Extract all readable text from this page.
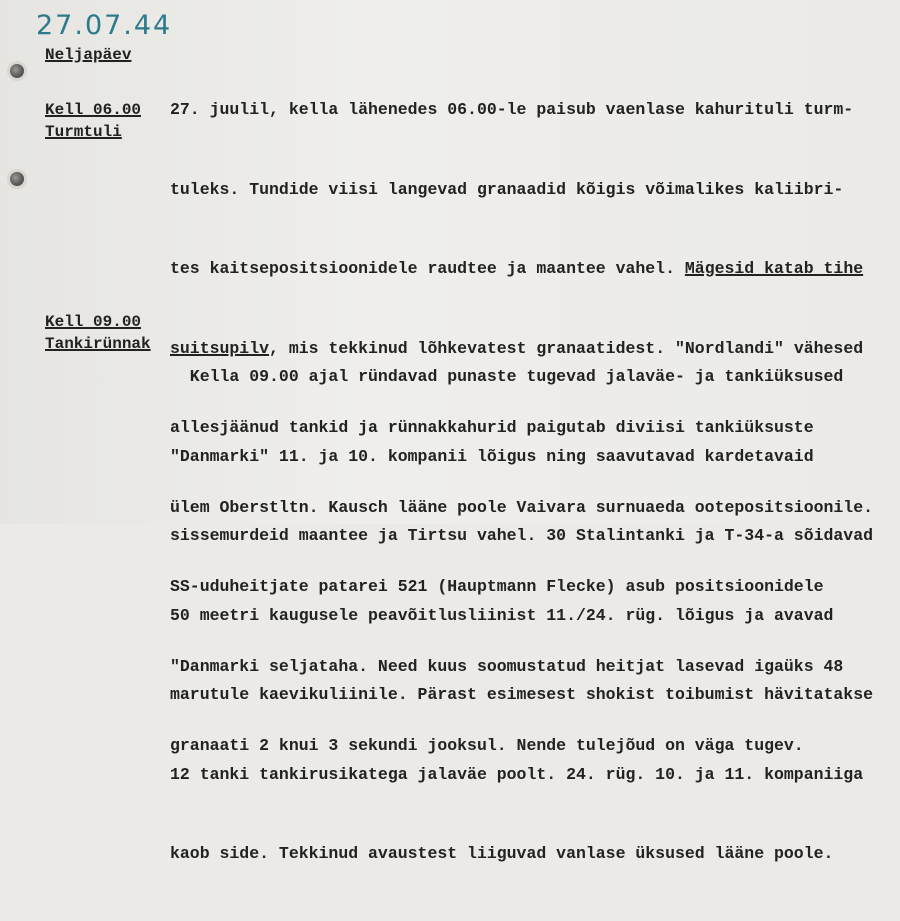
27.07.44
Neljapäev
Kell 06.00
Turmtuli
Kell 09.00
Tankirünnak

27. juulil, kella lähenedes 06.00-le paisub vaenlase kahurituli turm-

tuleks. Tundide viisi langevad granaadid kõigis võimalikes kaliibri-

tes kaitsepositsioonidele raudtee ja maantee vahel. Mägesid katab tihe

suitsupilv, mis tekkinud lõhkevatest granaatidest. "Nordlandi" vähesed

allesjäänud tankid ja rünnakkahurid paigutab diviisi tankiüksuste

ülem Oberstltn. Kausch lääne poole Vaivara surnuaeda ootepositsioonile.

SS-uduheitjate patarei 521 (Hauptmann Flecke) asub positsioonidele

"Danmarki seljataha. Need kuus soomustatud heitjat lasevad igaüks 48

granaati 2 knui 3 sekundi jooksul. Nende tulejõud on väga tugev.

Kella 09.00 ajal ründavad punaste tugevad jalaväe- ja tankiüksused

"Danmarki" 11. ja 10. kompanii lõigus ning saavutavad kardetavaid

sissemurdeid maantee ja Tirtsu vahel. 30 Stalintanki ja T-34-a sõidavad

50 meetri kaugusele peavõitlusliinist 11./24. rüg. lõigus ja avavad

marutule kaevikuliinile. Pärast esimesest shokist toibumist hävitatakse

12 tanki tankirusikatega jalaväe poolt. 24. rüg. 10. ja 11. kompaniiga

kaob side. Tekkinud avaustest liiguvad vanlase üksused lääne poole.
